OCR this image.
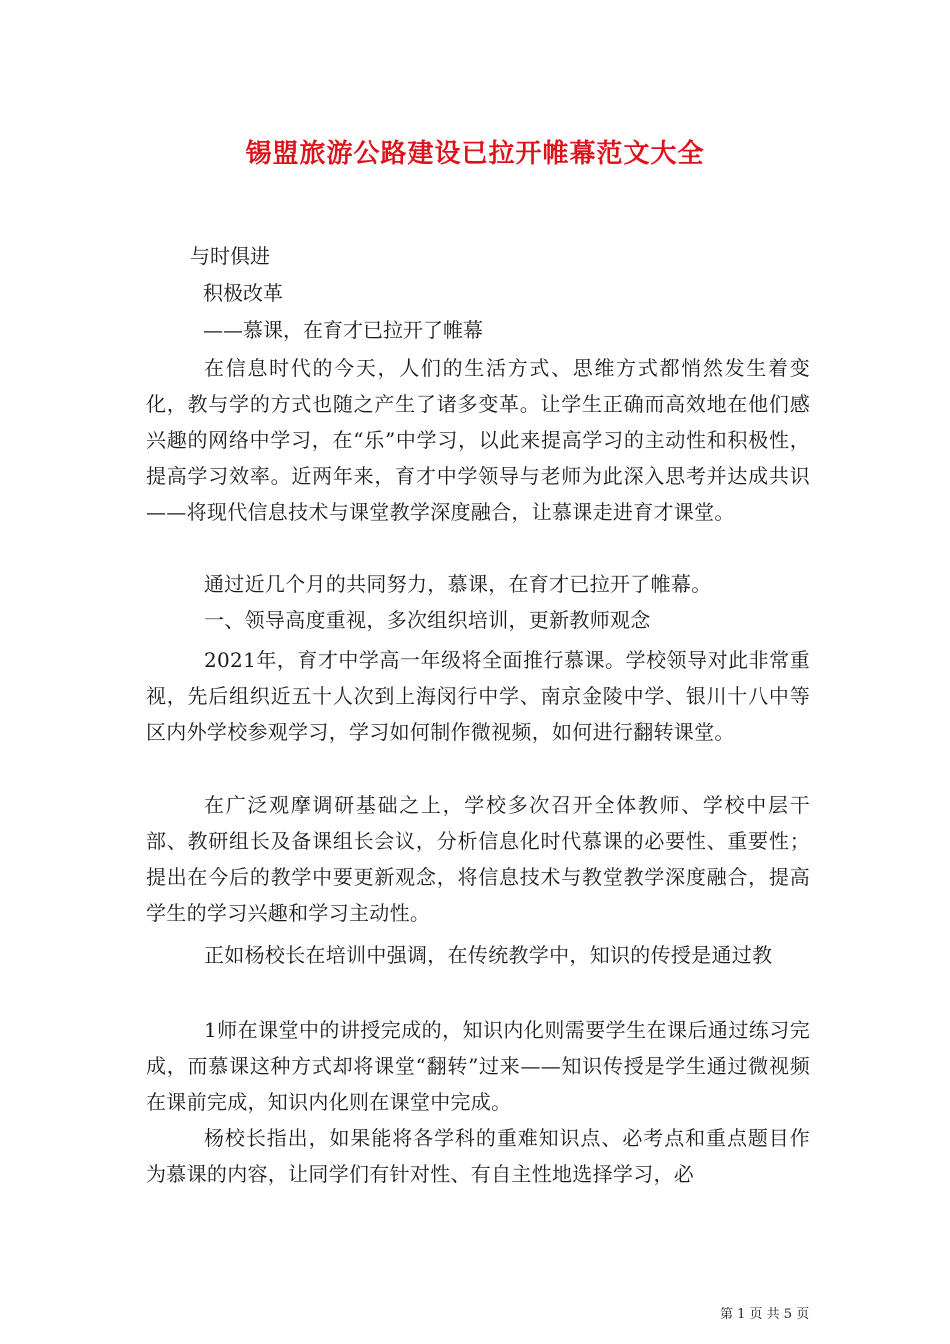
锡盟旅游公路建设已拉开帷幕范文大全

与时俱进

积极改革

——慕课，在育才已拉开了帷幕

在信息时代的今天，人们的生活方式、思维方式都悄然发生着变化，教与学的方式也随之产生了诸多变革。让学生正确而高效地在他们感兴趣的网络中学习，在“乐”中学习，以此来提高学习的主动性和积极性，提高学习效率。近两年来，育才中学领导与老师为此深入思考并达成共识——将现代信息技术与课堂教学深度融合，让慕课走进育才课堂。

通过近几个月的共同努力，慕课，在育才已拉开了帷幕。

一、领导高度重视，多次组织培训，更新教师观念

2021年，育才中学高一年级将全面推行慕课。学校领导对此非常重视，先后组织近五十人次到上海闵行中学、南京金陵中学、银川十八中等区内外学校参观学习，学习如何制作微视频，如何进行翻转课堂。

在广泛观摩调研基础之上，学校多次召开全体教师、学校中层干部、教研组长及备课组长会议，分析信息化时代慕课的必要性、重要性；提出在今后的教学中要更新观念，将信息技术与教堂教学深度融合，提高学生的学习兴趣和学习主动性。

正如杨校长在培训中强调，在传统教学中，知识的传授是通过教

1师在课堂中的讲授完成的，知识内化则需要学生在课后通过练习完成，而慕课这种方式却将课堂“翻转”过来——知识传授是学生通过微视频在课前完成，知识内化则在课堂中完成。

杨校长指出，如果能将各学科的重难知识点、必考点和重点题目作为慕课的内容，让同学们有针对性、有自主性地选择学习，必

第 1 页 共 5 页
